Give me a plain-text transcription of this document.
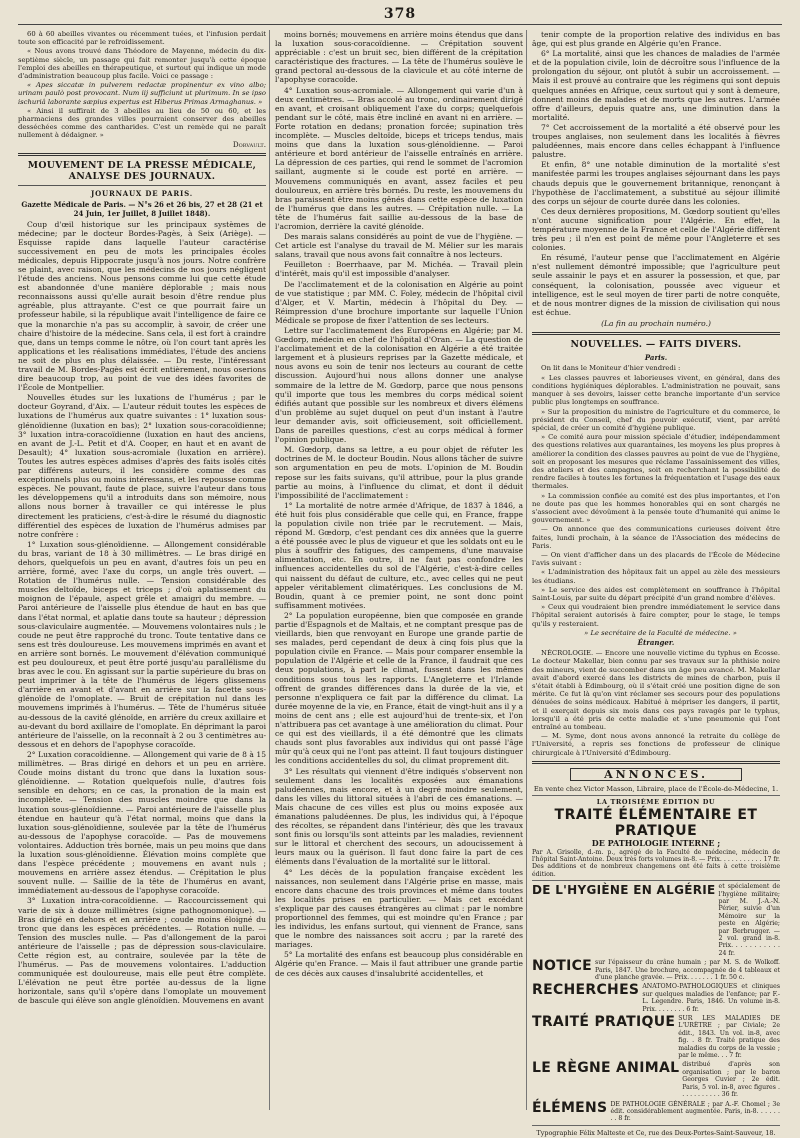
378

60 à 60 abeilles vivantes ou récemment tuées, et l'infusion perdait toute son efficacité par le refroidissement.

« Nous avons trouvé dans Théodore de Mayenne, médecin du dix-septième siècle, un passage qui fait remonter jusqu'à cette époque l'emploi des abeilles en thérapeutique, et surtout qui indique un mode d'administration beaucoup plus facile. Voici ce passage :

« Apes siccatæ in pulverem redactæ propinentur ex vino albo; urinam paulò post provocant. Num iij sufficiunt ut plurimum. In se ipso ischuriâ laborante sæpius expertus est Hiberus Primas Armaghanus. »

« Ainsi il suffirait de 3 abeilles au lieu de 50 ou 60, et les pharmaciens des grandes villes pourraient conserver des abeilles desséchées comme des cantharides. C'est un remède qui ne paraît nullement à dédaigner. »

Dorvault.
MOUVEMENT DE LA PRESSE MÉDICALE, ANALYSE DES JOURNAUX.
JOURNAUX DE PARIS.

Gazette Médicale de Paris. — N°s 26 et 26 bis, 27 et 28 (21 et 24 Juin, 1er Juillet, 8 Juillet 1848).

Coup d'œil historique sur les principaux systèmes de médecine; par le docteur Bordes-Pagès, à Seix (Ariège). — Esquisse rapide dans laquelle l'auteur caractérise successivement en peu de mots les principales écoles médicales, depuis Hippocrate jusqu'à nos jours. Notre confrère se plaint, avec raison, que les médecins de nos jours négligent l'étude des anciens. Nous pensons comme lui que cette étude est abandonnée d'une manière déplorable ; mais nous reconnaissons aussi qu'elle aurait besoin d'être rendue plus agréable, plus attrayante. C'est ce que pourrait faire un professeur habile, si la république avait l'intelligence de faire ce que la monarchie n'a pas su accomplir, à savoir, de créer une chaire d'histoire de la médecine. Sans cela, il est fort à craindre que, dans un temps comme le nôtre, où l'on court tant après les applications et les réalisations immédiates, l'étude des anciens ne soit de plus en plus délaissée. — Du reste, l'intéressant travail de M. Bordes-Pagès est écrit entièrement, nous oserions dire beaucoup trop, au point de vue des idées favorites de l'École de Montpellier.

Nouvelles études sur les luxations de l'humérus ; par le docteur Goyrand, d'Aix. — L'auteur réduit toutes les espèces de luxations de l'humérus aux quatre suivantes : 1° luxation sous-glénoïdienne (luxation en bas); 2° luxation sous-coracoïdienne; 3° luxation intra-coracoïdienne (luxation en haut des anciens, en avant de J.-L. Petit et d'A. Cooper, en haut et en avant de Desault); 4° luxation sous-acromiale (luxation en arrière). Toutes les autres espèces admises d'après des faits isolés cités par différens auteurs, il les considère comme des cas exceptionnels plus ou moins intéressans, et les repousse comme espèces. Ne pouvant, faute de place, suivre l'auteur dans tous les développemens qu'il a introduits dans son mémoire, nous allons nous borner à travailler ce qui intéresse le plus directement les praticiens, c'est-à-dire le résumé du diagnostic différentiel des espèces de luxation de l'humérus admises par notre confrère :

1° Luxation sous-glénoïdienne. — Allongement considérable du bras, variant de 18 à 30 millimètres. — Le bras dirigé en dehors, quelquefois un peu en avant, d'autres fois un peu en arrière, formé, avec l'axe du corps, un angle très ouvert. — Rotation de l'humérus nulle. — Tension considérable des muscles deltoïde, biceps et triceps ; d'où aplatissement du moignon de l'épaule, aspect grêle et amaigri du membre. — Paroi antérieure de l'aisselle plus étendue de haut en bas que dans l'état normal, et aplatie dans toute sa hauteur ; dépression sous-claviculaire augmentée. — Mouvemens volontaires nuls ; le coude ne peut être rapproché du tronc. Toute tentative dans ce sens est très douloureuse. Les mouvemens imprimés en avant et en arrière sont bornés. Le mouvement d'élévation communiqué est peu douloureux, et peut être porté jusqu'au parallélisme du bras avec le cou. En agissant sur la partie supérieure du bras on peut imprimer à la tête de l'humérus de légers glissemens d'arrière en avant et d'avant en arrière sur la facette sous-glénoïde de l'omoplate. — Bruit de crépitation nul dans les mouvemens imprimés à l'humérus. — Tête de l'humérus située au-dessous de la cavité glénoïde, en arrière du creux axillaire et au-devant du bord axillaire de l'omoplate. En déprimant la paroi antérieure de l'aisselle, on la reconnaît à 2 ou 3 centimètres au-dessous et en dehors de l'apophyse coracoïde.

2° Luxation coracoïdienne. — Allongement qui varie de 8 à 15 millimètres. — Bras dirigé en dehors et un peu en arrière. Coude moins distant du tronc que dans la luxation sous-glénoïdienne. — Rotation quelquefois nulle, d'autres fois sensible en dehors; en ce cas, la pronation de la main est incomplète. — Tension des muscles moindre que dans la luxation sous-glénoïdienne. — Paroi antérieure de l'aisselle plus étendue en hauteur qu'à l'état normal, moins que dans la luxation sous-glénoïdienne, soulevée par la tête de l'humérus au-dessous de l'apophyse coracoïde. — Pas de mouvemens volontaires. Adduction très bornée, mais un peu moins que dans la luxation sous-glénoïdienne. Élévation moins complète que dans l'espèce précédente ; mouvemens en avant nuls ; mouvemens en arrière assez étendus. — Crépitation le plus souvent nulle. — Saillie de la tête de l'humérus en avant, immédiatement au-dessous de l'apophyse coracoïde.

3° Luxation intra-coracoïdienne. — Raccourcissement qui varie de six à douze millimètres (signe pathognomonique). — Bras dirigé en dehors et en arrière ; coude moins éloigné du tronc que dans les espèces précédentes. — Rotation nulle. — Tension des muscles nulle. — Pas d'allongement de la paroi antérieure de l'aisselle ; pas de dépression sous-claviculaire. Cette région est, au contraire, soulevée par la tête de l'humérus. — Pas de mouvemens volontaires. L'adduction communiquée est douloureuse, mais elle peut être complète. L'élévation ne peut être portée au-dessus de la ligne horizontale, sans qu'il s'opère dans l'omoplate un mouvement de bascule qui élève son angle glénoïdien. Mouvemens en avant

moins bornés; mouvemens en arrière moins étendus que dans la luxation sous-coracoïdienne. — Crépitation souvent appréciable : c'est un bruit sec, bien différent de la crépitation caractéristique des fractures. — La tête de l'humérus soulève le grand pectoral au-dessous de la clavicule et au côté interne de l'apophyse coracoïde.

4° Luxation sous-acromiale. — Allongement qui varie d'un à deux centimètres. — Bras accolé au tronc, ordinairement dirigé en avant, et croisant obliquement l'axe du corps; quelquefois pendant sur le côté, mais être incliné en avant ni en arrière. — Forte rotation en dedans; pronation forcée; supination très incomplète. — Muscles deltoïde, biceps et triceps tendus, mais moins que dans la luxation sous-glénoïdienne. — Paroi antérieure et bord antérieur de l'aisselle entraînés en arrière. La dépression de ces parties, qui rend le sommet de l'acromion saillant, augmente si le coude est porté en arrière. — Mouvemens communiqués en avant, assez faciles et peu douloureux, en arrière très bornés. Du reste, les mouvemens du bras paraissent être moins gênés dans cette espèce de luxation de l'humérus que dans les autres. — Crépitation nulle. — La tête de l'humérus fait saillie au-dessous de la base de l'acromion, derrière la cavité glénoïde.

Des marais salans considérés au point de vue de l'hygiène. — Cet article est l'analyse du travail de M. Mélier sur les marais salans, travail que nous avons fait connaître à nos lecteurs.

Feuilleton : Boerrhaave, par M. Michéa. — Travail plein d'intérêt, mais qu'il est impossible d'analyser.

De l'acclimatement et de la colonisation en Algérie au point de vue statistique ; par MM. C. Foley, médecin de l'hôpital civil d'Alger, et V. Martin, médecin à l'hôpital du Dey. — Réimpression d'une brochure importante sur laquelle l'Union Médicale se propose de fixer l'attention de ses lecteurs.

Lettre sur l'acclimatement des Européens en Algérie; par M. Gœdorp, médecin en chef de l'hôpital d'Oran. — La question de l'acclimatement et de la colonisation en Algérie a été traitée largement et à plusieurs reprises par la Gazette médicale, et nous avons eu soin de tenir nos lecteurs au courant de cette discussion. Aujourd'hui nous allons donner une analyse sommaire de la lettre de M. Gœdorp, parce que nous pensons qu'il importe que tous les membres du corps médical soient édifiés autant que possible sur les nombreux et divers élémens d'un problème au sujet duquel on peut d'un instant à l'autre leur demander avis, soit officieusement, soit officiellement. Dans de pareilles questions, c'est au corps médical à former l'opinion publique.

M. Gœdorp, dans sa lettre, a eu pour objet de réfuter les doctrines de M. le docteur Boudin. Nous allons tâcher de suivre son argumentation en peu de mots. L'opinion de M. Boudin repose sur les faits suivans, qu'il attribue, pour la plus grande partie au moins, à l'influence du climat, et dont il déduit l'impossibilité de l'acclimatement :

1° La mortalité de notre armée d'Afrique, de 1837 à 1846, a été huit fois plus considérable que celle qui, en France, frappe la population civile non triée par le recrutement. — Mais, répond M. Gœdorp, c'est pendant ces dix années que la guerre a été poussée avec le plus de vigueur et que les soldats ont eu le plus à souffrir des fatigues, des campemens, d'une mauvaise alimentation, etc. En outre, il ne faut pas confondre les influences accidentelles du sol de l'Algérie, c'est-à-dire celles qui naissent du défaut de culture, etc., avec celles qui ne peut appeler véritablement climatériques. Les conclusions de M. Boudin, quant à ce premier point, ne sont donc point suffisamment motivées.

2° La population européenne, bien que composée en grande partie d'Espagnols et de Maltais, et ne comptant presque pas de vieillards, bien que renvoyant en Europe une grande partie de ses malades, perd cependant de deux à cinq fois plus que la population civile en France. — Mais pour comparer ensemble la population de l'Algérie et celle de la France, il faudrait que ces deux populations, à part le climat, fussent dans les mêmes conditions sous tous les rapports. L'Angleterre et l'Irlande offrent de grandes différences dans la durée de la vie, et personne n'expliquera ce fait par la différence du climat. La durée moyenne de la vie, en France, était de vingt-huit ans il y a moins de cent ans ; elle est aujourd'hui de trente-six, et l'on n'attribuera pas cet avantage à une amélioration du climat. Pour ce qui est des vieillards, il a été démontré que les climats chauds sont plus favorables aux individus qui ont passé l'âge mûr qu'à ceux qui ne l'ont pas atteint. Il faut toujours distinguer les conditions accidentelles du sol, du climat proprement dit.

3° Les résultats qui viennent d'être indiqués s'observent non seulement dans les localités exposées aux émanations paludéennes, mais encore, et à un degré moindre seulement, dans les villes du littoral situées à l'abri de ces émanations. — Mais chacune de ces villes est plus ou moins exposée aux émanations paludéennes. De plus, les individus qui, à l'époque des récoltes, se répandent dans l'intérieur, dès que les travaux sont finis ou lorsqu'ils sont atteints par les maladies, reviennent sur le littoral et cherchent des secours, un adoucissement à leurs maux ou la guérison. Il faut donc faire la part de ces éléments dans l'évaluation de la mortalité sur le littoral.

4° Les décès de la population française excèdent les naissances, non seulement dans l'Algérie prise en masse, mais encore dans chacune des trois provinces et même dans toutes les localités prises en particulier. — Mais cet excédant s'explique par des causes étrangères au climat : par le nombre proportionnel des femmes, qui est moindre qu'en France ; par les individus, les enfans surtout, qui viennent de France, sans que le nombre des naissances soit accru ; par la rareté des mariages.

5° La mortalité des enfans est beaucoup plus considérable en Algérie qu'en France. — Mais il faut attribuer une grande partie de ces décès aux causes d'insalubrité accidentelles, et

tenir compte de la proportion relative des individus en bas âge, qui est plus grande en Algérie qu'en France.

6° La mortalité, ainsi que les chances de maladies de l'armée et de la population civile, loin de décroître sous l'influence de la prolongation du séjour, ont plutôt à subir un accroissement. — Mais il est prouvé au contraire que les régimens qui sont depuis quelques années en Afrique, ceux surtout qui y sont à demeure, donnent moins de malades et de morts que les autres. L'armée offre d'ailleurs, depuis quatre ans, une diminution dans la mortalité.

7° Cet accroissement de la mortalité a été observé pour les troupes anglaises, non seulement dans les localités à fièvres paludéennes, mais encore dans celles échappant à l'influence palustre.

Et enfin, 8° une notable diminution de la mortalité s'est manifestée parmi les troupes anglaises séjournant dans les pays chauds depuis que le gouvernement britannique, renonçant à l'hypothèse de l'acclimatement, a substitué au séjour illimité des corps un séjour de courte durée dans les colonies.

Ces deux dernières propositions, M. Gœdorp soutient qu'elles n'ont aucune signification pour l'Algérie. En effet, la température moyenne de la France et celle de l'Algérie diffèrent très peu ; il n'en est point de même pour l'Angleterre et ses colonies.

En résumé, l'auteur pense que l'acclimatement en Algérie n'est nullement démontré impossible; que l'agriculture peut seule assainir le pays et en assurer la possession, et que, par conséquent, la colonisation, poussée avec vigueur et intelligence, est le seul moyen de tirer parti de notre conquête, et de nous montrer dignes de la mission de civilisation qui nous est échue.

(La fin au prochain numéro.)
NOUVELLES. — FAITS DIVERS.
Paris.

On lit dans le Moniteur d'hier vendredi :

« Les classes pauvres et laborieuses vivent, en général, dans des conditions hygiéniques déplorables. L'administration ne pouvait, sans manquer à ses devoirs, laisser cette branche importante d'un service public plus longtemps en souffrance.

» Sur la proposition du ministre de l'agriculture et du commerce, le président du Conseil, chef du pouvoir exécutif, vient, par arrêté spécial, de créer un comité d'hygiène publique.

» Ce comité aura pour mission spéciale d'étudier, indépendamment des questions relatives aux quarantaines, les moyens les plus propres à améliorer la condition des classes pauvres au point de vue de l'hygiène, soit en proposant les mesures que réclame l'assainissement des villes, des ateliers et des campagnes, soit en recherchant la possibilité de rendre faciles à toutes les fortunes la fréquentation et l'usage des eaux thermales.

» La commission confiée au comité est des plus importantes, et l'on ne doute pas que les hommes honorables qui en sont chargés ne s'associent avec dévoûment à la pensée toute d'humanité qui anime le gouvernement. »

— On annonce que des communications curieuses doivent être faites, lundi prochain, à la séance de l'Association des médecins de Paris.

— On vient d'afficher dans un des placards de l'École de Médecine l'avis suivant :

« L'administration des hôpitaux fait un appel au zèle des messieurs les étudians.

» Le service des aides est complètement en souffrance à l'hôpital Saint-Louis, par suite du départ précipité d'un grand nombre d'élèves.

» Ceux qui voudraient bien prendre immédiatement le service dans l'hôpital seraient autorisés à faire compter, pour le stage, le temps qu'ils y resteraient.

» Le secrétaire de la Faculté de médecine. »

Étranger.

NÉCROLOGIE. — Encore une nouvelle victime du typhus en Écosse. Le docteur Makellar, bien connu par ses travaux sur la phthisie noire des mineurs, vient de succomber dans un âge peu avancé. M. Makellar avait d'abord exercé dans les districts de mines de charbon, puis il s'était établi à Édimbourg, où il s'était créé une position digne de son mérite. Ce fut là qu'on vint réclamer ses secours pour des populations dénuées de soins médicaux. Habitué à mépriser les dangers, il partit, et il exerçait depuis six mois dans ces pays ravagés par le typhus, lorsqu'il a été pris de cette maladie et s'une pneumonie qui l'ont entraîné au tombeau.

— M. Syme, dont nous avons annoncé la retraite du collège de l'Université, a repris ses fonctions de professeur de clinique chirurgicale à l'Université d'Édimbourg.

ANNONCES.
En vente chez Victor Masson, Libraire, place de l'École-de-Médecine, 1.
LA TROISIÈME ÉDITION DU
TRAITÉ ÉLÉMENTAIRE ET PRATIQUE
DE PATHOLOGIE INTERNE ;
Par A. Grisolle, d.-m. p., agrégé de la Faculté de médecine, médecin de l'hôpital Saint-Antoine. Deux très forts volumes in-8. — Prix. . . . . . . . . . . 17 fr. Des additions et de nombreux changemens ont été faits à cette troisième édition.
DE L'HYGIÈNE EN ALGÉRIE et spécialement de l'hygiène militaire; par M. J.-A.-N. Périer, suivie d'un Mémoire sur la peste en Algérie; par Berbrugger. — 2 vol. grand in-8. Prix. . . . . . . . . . . 24 fr.
NOTICE sur l'épaisseur du crâne humain ; par M. S. de Wolkoff. Paris, 1847. Une brochure, accompagnée de 4 tableaux et d'une planche gravée. — Prix. . . . . . . 1 fr. 50 c.
RECHERCHES ANATOMO-PATHOLOGIQUES et cliniques sur quelques maladies de l'enfance; par F.-L. Legendre. Paris, 1846. Un volume in-8. Prix. . . . . . . . 6 fr.
TRAITÉ PRATIQUE SUR LES MALADIES DE L'URÈTRE ; par Civiale; 2e édit., 1843. Un vol. in-8, avec fig. . 8 fr. Traité pratique des maladies du corps de la vessie ; par le même. . . 7 fr.
LE RÈGNE ANIMAL distribué d'après son organisation ; par le baron Georges Cuvier ; 2e édit. Paris, 5 vol. in-8, avec figures . . . . . . . . . . . 36 fr.
ÉLÉMENS DE PATHOLOGIE GÉNÉRALE ; par A.-F. Chomel ; 3e édit. considérablement augmentée. Paris, in-8. . . . . . . . 8 fr.
Typographie Félix Malteste et Ce, rue des Deux-Portes-Saint-Sauveur, 18.
